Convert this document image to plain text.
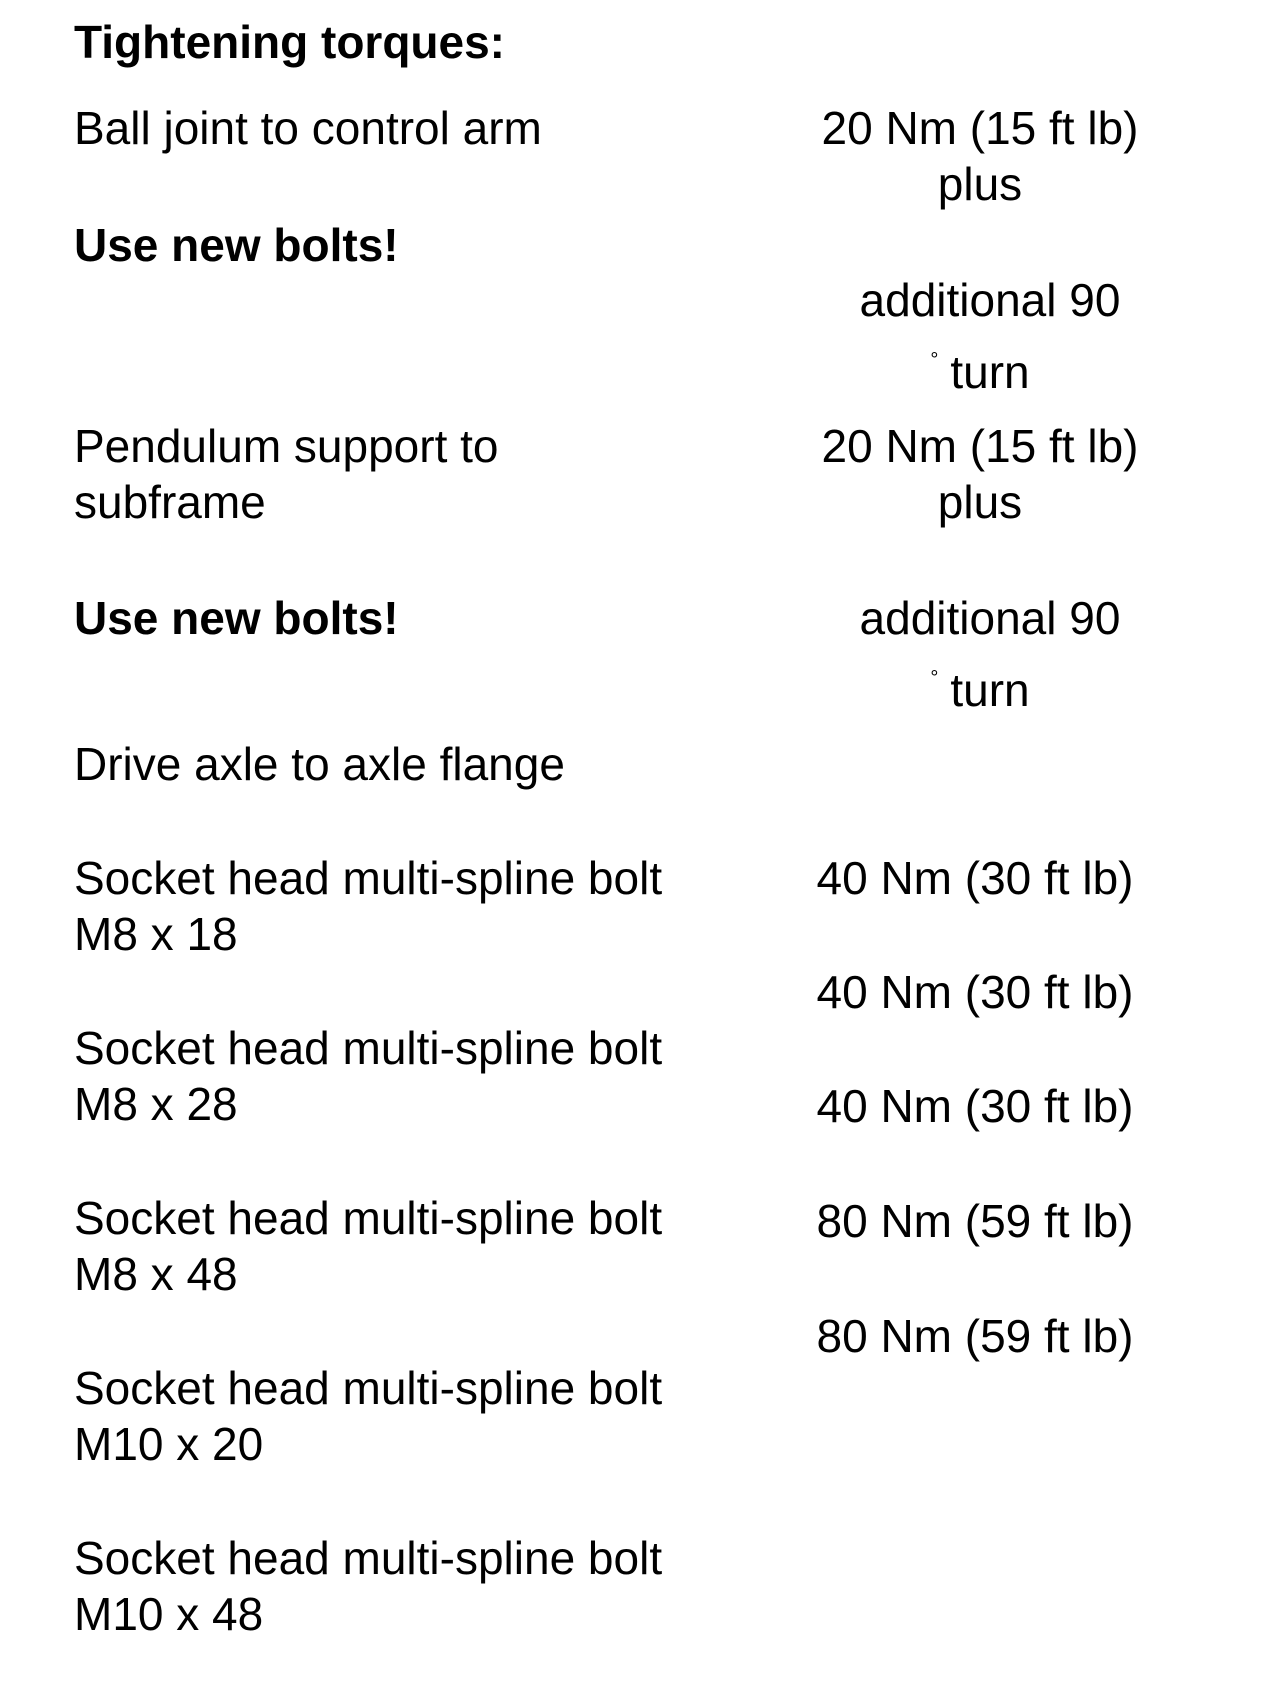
Tightening torques:
Ball joint to control arm	20 Nm (15 ft lb)
plus
Use new bolts!
additional 90
° turn
Pendulum support to
subframe
20 Nm (15 ft lb)
plus
Use new bolts!	additional 90
° turn
Drive axle to axle flange
Socket head multi-spline bolt
M8 x 18
Socket head multi-spline bolt
M8 x 28
Socket head multi-spline bolt
M8 x 48
Socket head multi-spline bolt
M10 x 20
Socket head multi-spline bolt
M10 x 48
40 Nm (30 ft lb)
40 Nm (30 ft lb)
40 Nm (30 ft lb)
80 Nm (59 ft lb)
80 Nm (59 ft lb)
